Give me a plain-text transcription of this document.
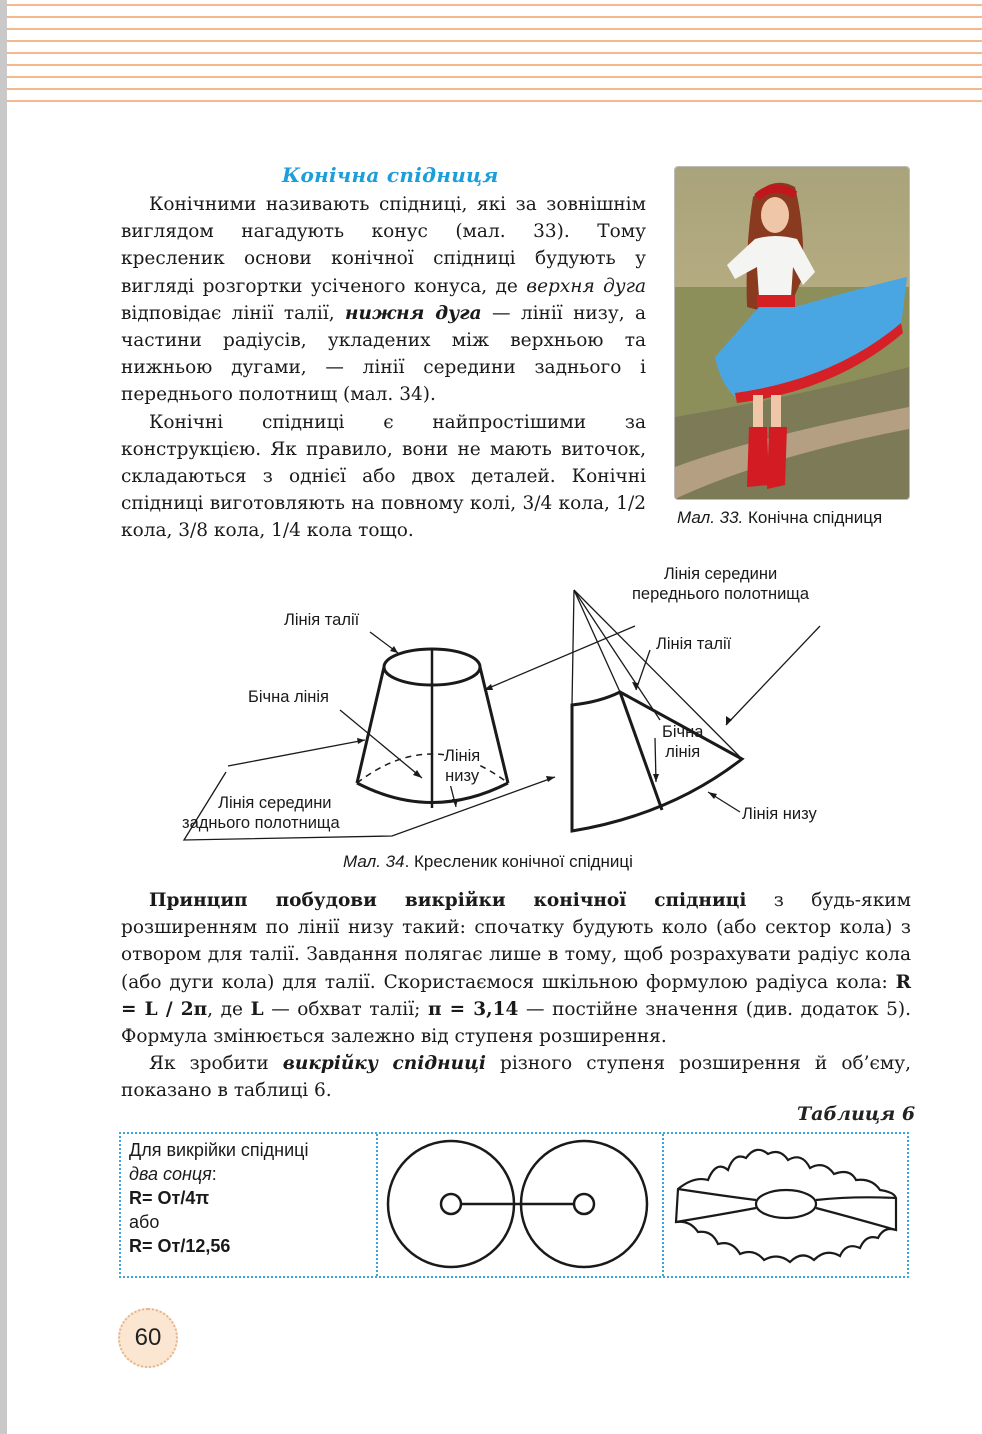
Конічна спідниця

Конічними називають спідниці, які за зовнішнім виглядом нагадують конус (мал. 33). Тому кресленик основи конічної спідниці будують у вигляді розгортки усіченого конуса, де верхня дуга відповідає лінії талії, нижня дуга — лінії низу, а частини радіусів, укладених між верхньою та нижньою дугами, — лінії середини заднього і переднього полотнищ (мал. 34).

Конічні спідниці є найпростішими за конструкцією. Як правило, вони не мають виточок, складаються з однієї або двох деталей. Конічні спідниці виготовляють на повному колі, 3/4 кола, 1/2 кола, 3/8 кола, 1/4 кола тощо.

Мал. 33. Конічна спідниця
Лінія талії
Бічна лінія
Лінія
низу
Лінія середини
заднього полотнища
Лінія середини
переднього полотнища
Лінія талії
Бічна
лінія
Лінія низу
Мал. 34. Кресленик конічної спідниці

Принцип побудови викрійки конічної спідниці з будь-яким розширенням по лінії низу такий: спочатку будують коло (або сектор кола) з отвором для талії. Завдання полягає лише в тому, щоб розрахувати радіус кола (або дуги кола) для талії. Скористаємося шкільною формулою радіуса кола: R = L / 2π, де L — обхват талії; π = 3,14 — постійне значення (див. додаток 5). Формула змінюється залежно від ступеня розширення.

Як зробити викрійку спідниці різного ступеня розширення й об’єму, показано в таблиці 6.

Таблиця 6
Для викрійки спідниці
два сонця:
R= Oт/4π
або
R= Oт/12,56
60
